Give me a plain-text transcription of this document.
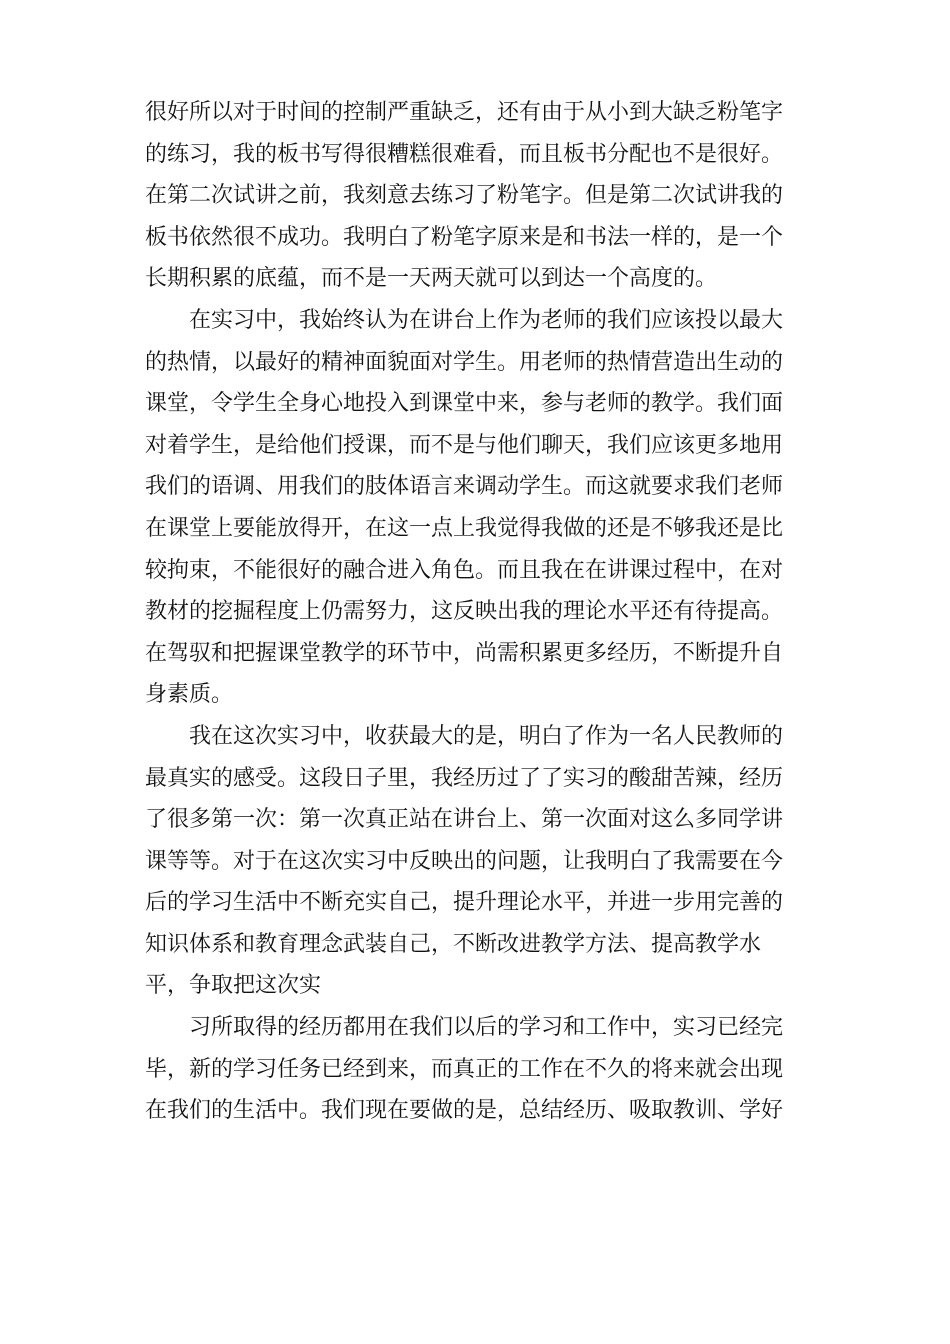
很好所以对于时间的控制严重缺乏，还有由于从小到大缺乏粉笔字
的练习，我的板书写得很糟糕很难看，而且板书分配也不是很好。
在第二次试讲之前，我刻意去练习了粉笔字。但是第二次试讲我的
板书依然很不成功。我明白了粉笔字原来是和书法一样的，是一个
长期积累的底蕴，而不是一天两天就可以到达一个高度的。
在实习中，我始终认为在讲台上作为老师的我们应该投以最大
的热情，以最好的精神面貌面对学生。用老师的热情营造出生动的
课堂，令学生全身心地投入到课堂中来，参与老师的教学。我们面
对着学生，是给他们授课，而不是与他们聊天，我们应该更多地用
我们的语调、用我们的肢体语言来调动学生。而这就要求我们老师
在课堂上要能放得开，在这一点上我觉得我做的还是不够我还是比
较拘束，不能很好的融合进入角色。而且我在在讲课过程中，在对
教材的挖掘程度上仍需努力，这反映出我的理论水平还有待提高。
在驾驭和把握课堂教学的环节中，尚需积累更多经历，不断提升自
身素质。
我在这次实习中，收获最大的是，明白了作为一名人民教师的
最真实的感受。这段日子里，我经历过了了实习的酸甜苦辣，经历
了很多第一次：第一次真正站在讲台上、第一次面对这么多同学讲
课等等。对于在这次实习中反映出的问题，让我明白了我需要在今
后的学习生活中不断充实自己，提升理论水平，并进一步用完善的
知识体系和教育理念武装自己，不断改进教学方法、提高教学水
平，争取把这次实
习所取得的经历都用在我们以后的学习和工作中，实习已经完
毕，新的学习任务已经到来，而真正的工作在不久的将来就会出现
在我们的生活中。我们现在要做的是，总结经历、吸取教训、学好
